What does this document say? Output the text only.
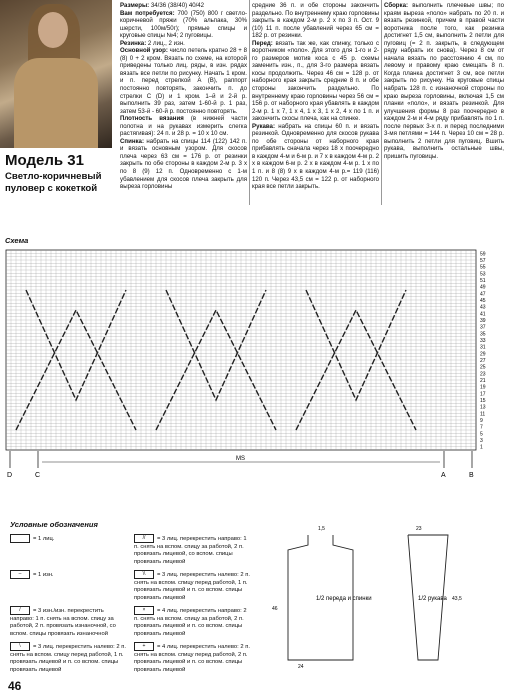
Модель 31
Светло-коричневый пуловер с кокеткой

Размеры: 34/36 (38/40) 40/42

Вам потребуется: 700 (750) 800 г светло-коричневой пряжи (70% альпака, 30% шерсти, 100м/50г); прямые спицы и круговые спицы №4; 2 пуговицы.

Резинка: 2 лиц., 2 изн.

Основной узор: число петель кратно 28 + 8 (8) 0 + 2 кром. Вязать по схеме, на которой приведены только лиц. ряды, в изн. рядах вязать все петли по рисунку. Начать 1 кром. и п. перед стрелкой A (B), раппорт постоянно повторять, закончить п. до стрелки C (D) и 1 кром. 1–й и 2-й р. выполнить 39 раз, затем 1-60-й р. 1 раз, затем 53-й - 60-й р. постоянно повторять.

Плотность вязания (в нижней части полотна и на рукавах измерить слегка растягивая): 24 п. и 28 р. = 10 х 10 см.

Спинка: набрать на спицы 114 (122) 142 п. и вязать основным узором. Для скосов плеча через 63 см = 176 р. от резинки закрыть по обе стороны в каждом 2-м р. 3 х по 8 (9) 12 п. Одновременно с 1-м убавлением для скосов плеча закрыть для выреза горловины

средние 36 п. и обе стороны закончить раздельно. По внутреннему краю горловины закрыть в каждом 2-м р. 2 х по 3 п. Ост. 9 (10) 11 п. после убавлений через 65 см = 182 р. от резинки.

Перед: вязать так же, как спинку, только с воротником «поло». Для этого для 1-го и 2-го размеров мотив коса с 45 р. схемы заменить изн., п., для 3-го размера вязать косы продолжить. Через 46 см = 128 р. от наборного края закрыть средние 8 п. и обе стороны закончить раздельно. По внутреннему краю горловины через 56 см = 156 р. от наборного края убавлять в каждом 2-м р. 1 х 7, 1 х 4, 1 х 3, 1 х 2, 4 х по 1 п. и закончить скосы плеча, как на спинке.

Рукава: набрать на спицы 60 п. и вязать резинкой. Одновременно для скосов рукава по обе стороны от наборного края прибавлять сначала через 18 х поочередно в каждом 4-м и 6-м р. и 7 х в каждом 4-м р. 2 х в каждом 6-м р. 2 х в каждом 4-м р. 1 х по 1 п. и 8 (8) 9 х в каждом 4-м р.= 119 (116) 120 п. Через 43,5 см = 122 р. от наборного края все петли закрыть.

Сборка: выполнить плечевые швы; по краям выреза «поло» набрать по 20 п. и вязать резинкой, причем в правой части воротника после того, как резинка достигнет 1,5 см, выполнить 2 петли для пуговиц (= 2 п. закрыть, в следующем ряду набрать их снова). Через 8 см от начала вязать по расстоянию 4 см, по левому и правому краю смещать 8 п. Когда планка достигнет 3 см, все петли закрыть по рисунку. На круговые спицы набрать 128 п. с изнаночной стороны по краю выреза горловины, включая 1,5 см планки «поло», и вязать резинкой. Для улучшения формы 8 раз поочередно в каждом 2-м и 4-м ряду прибавлять по 1 п. после первых 3-х п. и перед последними 3-мя петлями = 144 п. Через 10 см = 28 р. выполнить 2 петли для пуговиц. Вшить рукава, выполнить остальные швы, пришить пуговицы.

Схема
59
57
55
53
51
49
47
45
43
41
39
37
35
33
31
29
27
25
23
21
19
17
15
13
11
9
7
5
3
1
D	C	A	B
MS
Условные обозначения
= 1 лиц.
– = 1 изн.
/ = 3 изн./изн. перекрестить направо: 1 п. снять на вспом. спицу за работой, 2 п. провязать изнаночной, со вспом. спицы провязать изнаночной
\ = 3 лиц. перекрестить налево: 2 п. снять на вспом. спицу перед работой, 1 п. провязать лицевой и п. со вспом. спицы провязать лицевой
// = 3 лиц. перекрестить направо: 1 п. снять на вспом. спицу за работой, 2 п. провязать лицевой, со вспом. спицы провязать лицевой
\\ = 3 лиц. перекрестить налево: 2 п. снять на вспом. спицу перед работой, 1 п. провязать лицевой и п. со вспом. спицы провязать лицевой
× = 4 лиц. перекрестить направо: 2 п. снять на вспом. спицу за работой, 2 п. провязать лицевой и п. со вспом. спицы провязать лицевой
+ = 4 лиц. перекрестить налево: 2 п. снять на вспом. спицу перед работой, 2 п. провязать лицевой и п. со вспом. спицы провязать лицевой
1/2 переда и спинки
1,5
24
46
1/2 рукава
23
43,5
46
